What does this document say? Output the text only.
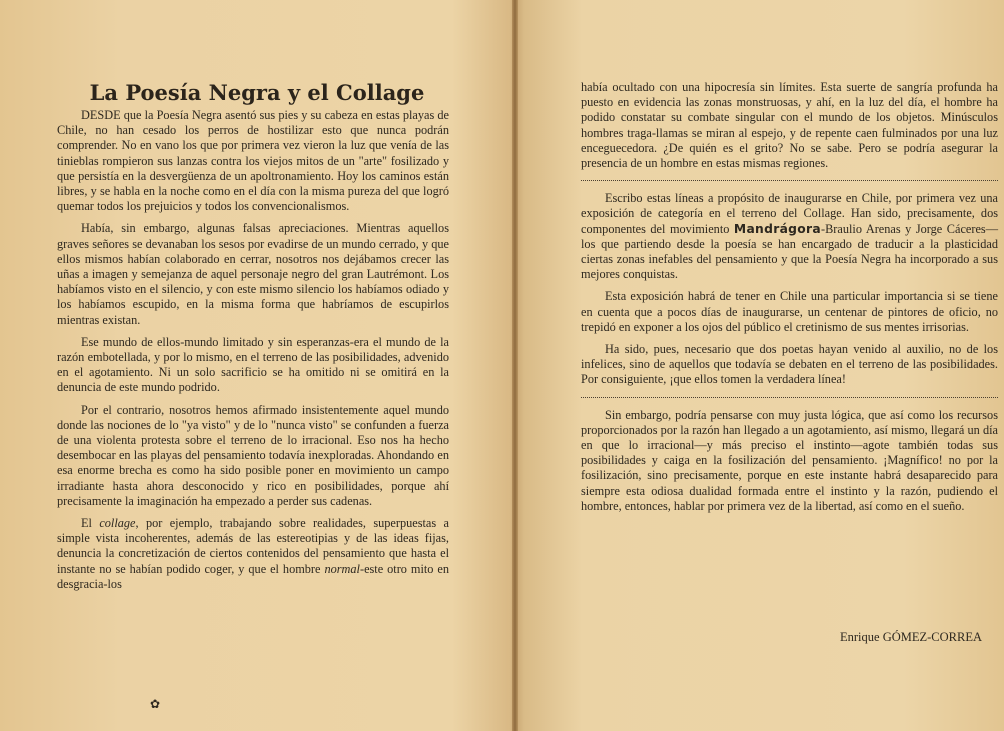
La Poesía Negra y el Collage

DESDE que la Poesía Negra asentó sus pies y su cabeza en estas playas de Chile, no han cesado los perros de hostilizar esto que nunca podrán comprender. No en vano los que por primera vez vieron la luz que venía de las tinieblas rompieron sus lanzas contra los viejos mitos de un "arte" fosilizado y que persistía en la desvergüenza de un apoltronamiento. Hoy los caminos están libres, y se habla en la noche como en el día con la misma pureza del que logró quemar todos los prejuicios y todos los convencionalismos.

Había, sin embargo, algunas falsas apreciaciones. Mientras aquellos graves señores se devanaban los sesos por evadirse de un mundo cerrado, y que ellos mismos habían colaborado en cerrar, nosotros nos dejábamos crecer las uñas a imagen y semejanza de aquel personaje negro del gran Lautrémont. Los habíamos visto en el silencio, y con este mismo silencio los habíamos odiado y los habíamos escupido, en la misma forma que habríamos de escupirlos mientras existan.

Ese mundo de ellos-mundo limitado y sin esperanzas-era el mundo de la razón embotellada, y por lo mismo, en el terreno de las posibilidades, advenido en el agotamiento. Ni un solo sacrificio se ha omitido ni se omitirá en la denuncia de este mundo podrido.

Por el contrario, nosotros hemos afirmado insistentemente aquel mundo donde las nociones de lo "ya visto" y de lo "nunca visto" se confunden a fuerza de una violenta protesta sobre el terreno de lo irracional. Eso nos ha hecho desembocar en las playas del pensamiento todavía inexploradas. Ahondando en esa enorme brecha es como ha sido posible poner en movimiento un campo irradiante hasta ahora desconocido y rico en posibilidades, porque ahí precisamente la imaginación ha empezado a perder sus cadenas.

El collage, por ejemplo, trabajando sobre realidades, superpuestas a simple vista incoherentes, además de las estereotipias y de las ideas fijas, denuncia la concretización de ciertos contenidos del pensamiento que hasta el instante no se habían podido coger, y que el hombre normal-este otro mito en desgracia-los

✿

había ocultado con una hipocresía sin límites. Esta suerte de sangría profunda ha puesto en evidencia las zonas monstruosas, y ahí, en la luz del día, el hombre ha podido constatar su combate singular con el mundo de los objetos. Minúsculos hombres traga-llamas se miran al espejo, y de repente caen fulminados por una luz enceguecedora. ¿De quién es el grito? No se sabe. Pero se podría asegurar la presencia de un hombre en estas mismas regiones.

Escribo estas líneas a propósito de inaugurarse en Chile, por primera vez una exposición de categoría en el terreno del Collage. Han sido, precisamente, dos componentes del movimiento Mandrágora-Braulio Arenas y Jorge Cáceres—los que partiendo desde la poesía se han encargado de traducir a la plasticidad ciertas zonas inefables del pensamiento y que la Poesía Negra ha incorporado a sus mejores conquistas.

Esta exposición habrá de tener en Chile una particular importancia si se tiene en cuenta que a pocos días de inaugurarse, un centenar de pintores de oficio, no trepidó en exponer a los ojos del público el cretinismo de sus mentes irrisorias.

Ha sido, pues, necesario que dos poetas hayan venido al auxilio, no de los infelices, sino de aquellos que todavía se debaten en el terreno de las posibilidades. Por consiguiente, ¡que ellos tomen la verdadera línea!

Sin embargo, podría pensarse con muy justa lógica, que así como los recursos proporcionados por la razón han llegado a un agotamiento, así mismo, llegará un día en que lo irracional—y más preciso el instinto—agote también todas sus posibilidades y caiga en la fosilización del pensamiento. ¡Magnífico! no por la fosilización, sino precisamente, porque en este instante habrá desaparecido para siempre esta odiosa dualidad formada entre el instinto y la razón, pudiendo el hombre, entonces, hablar por primera vez de la libertad, así como en el sueño.

Enrique GÓMEZ-CORREA
